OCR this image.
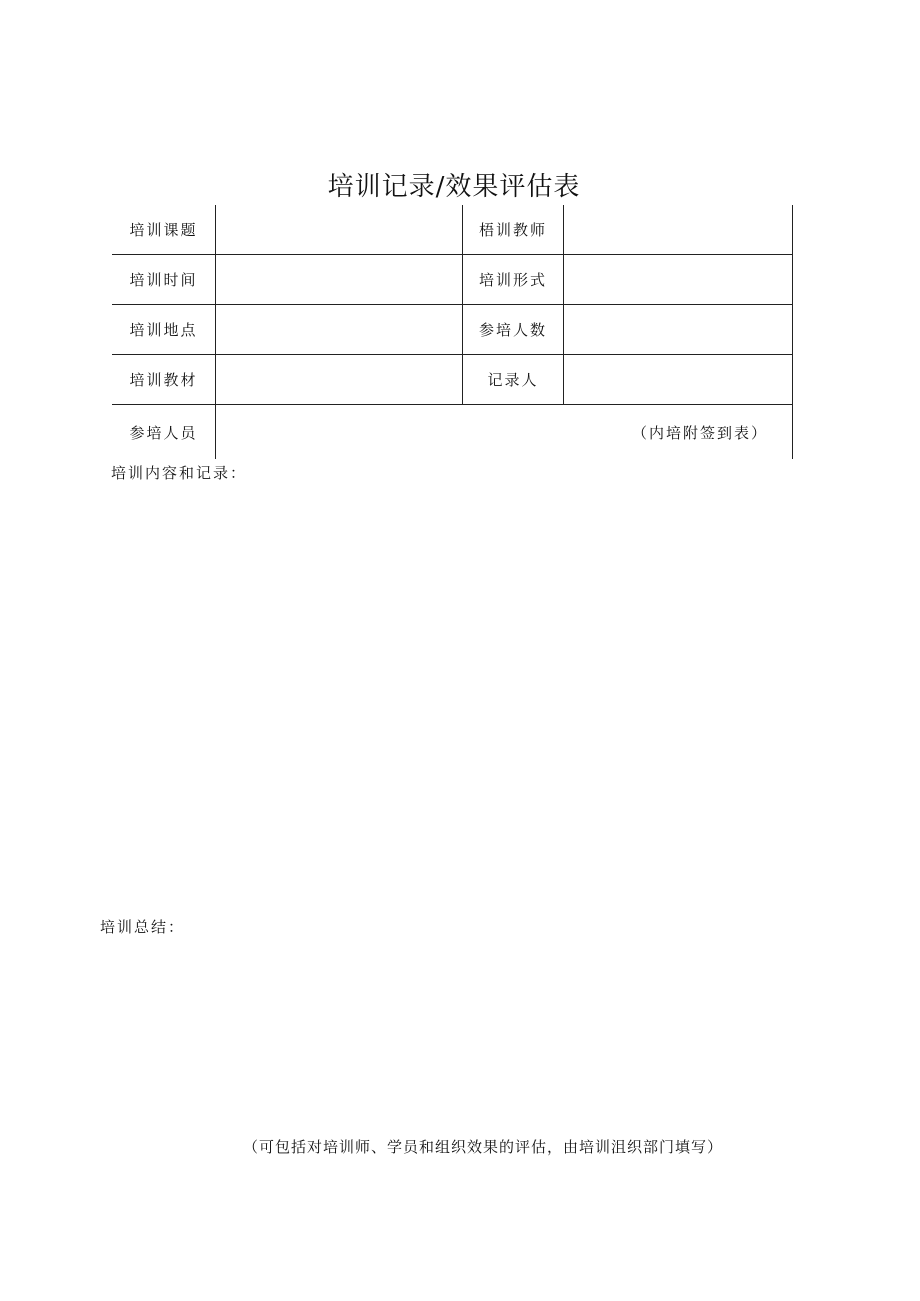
培训记录/效果评估表
培训课题		梧训教师	
培训时间		培训形式	
培训地点		参培人数	
培训教材		记录人	
参培人员	（内培附签到表）		
培训内容和记录：
培训总结：
（可包括对培训师、学员和组织效果的评估，由培训沮织部门填写）
